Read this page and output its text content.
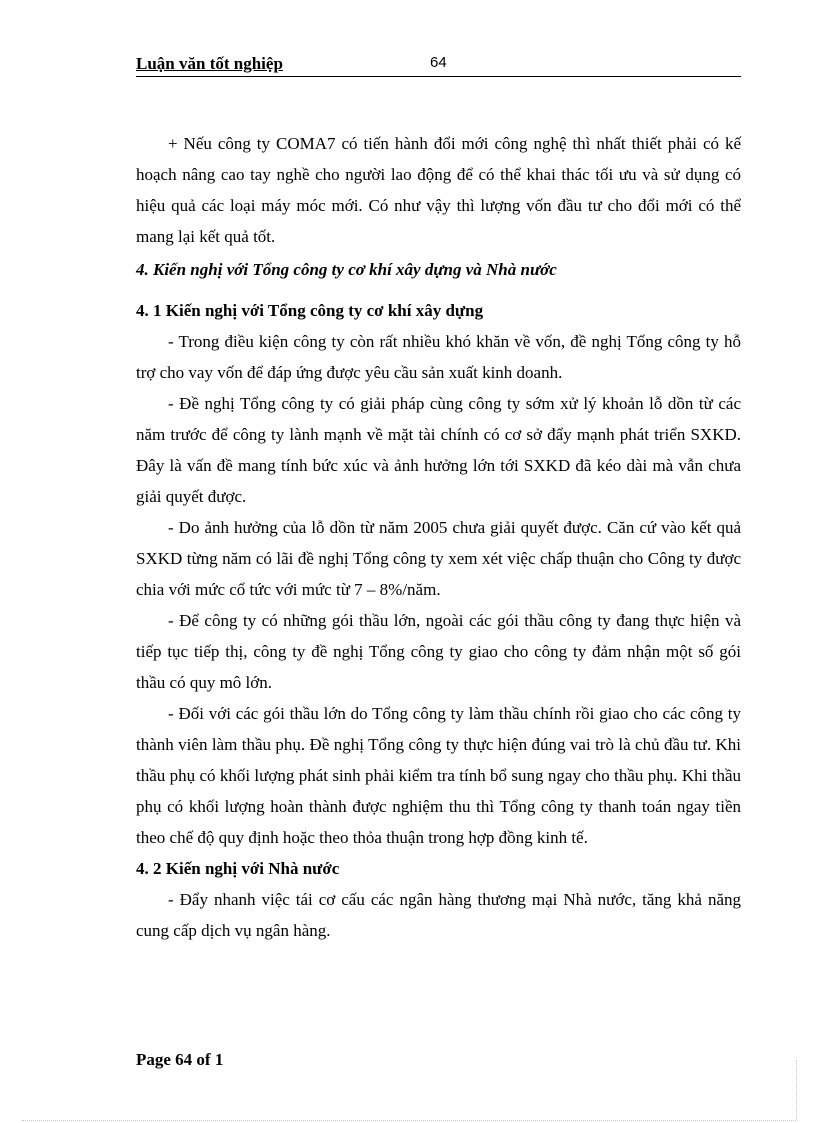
Luận văn tốt nghiệp	64

+ Nếu công ty COMA7 có tiến hành đổi mới công nghệ thì nhất thiết phải có kế hoạch nâng cao tay nghề cho người lao động để có thể khai thác tối ưu và sử dụng có hiệu quả các loại máy móc mới. Có như vậy thì lượng vốn đầu tư cho đổi mới có thể mang lại kết quả tốt.

4. Kiến nghị với Tổng công ty cơ khí xây dựng và Nhà nước
4. 1 Kiến nghị với Tổng công ty cơ khí xây dựng

- Trong điều kiện công ty còn rất nhiều khó khăn về vốn, đề nghị Tổng công ty hỗ trợ cho vay vốn để đáp ứng được yêu cầu sản xuất kinh doanh.

- Đề nghị Tổng công ty có giải pháp cùng công ty sớm xử lý khoản lỗ dồn từ các năm trước để công ty lành mạnh về mặt tài chính có cơ sở đẩy mạnh phát triển SXKD. Đây là vấn đề mang tính bức xúc và ảnh hưởng lớn tới SXKD đã kéo dài mà vẫn chưa giải quyết được.

- Do ảnh hưởng của lỗ dồn từ năm 2005 chưa giải quyết được. Căn cứ vào kết quả SXKD từng năm có lãi đề nghị Tổng công ty xem xét việc chấp thuận cho Công ty được chia với mức cổ tức với mức từ 7 – 8%/năm.

- Để công ty có những gói thầu lớn, ngoài các gói thầu công ty đang thực hiện và tiếp tục tiếp thị, công ty đề nghị Tổng công ty giao cho công ty đảm nhận một số gói thầu có quy mô lớn.

- Đối với các gói thầu lớn do Tổng công ty làm thầu chính rồi giao cho các công ty thành viên làm thầu phụ. Đề nghị Tổng công ty thực hiện đúng vai trò là chủ đầu tư. Khi thầu phụ có khối lượng phát sinh phải kiểm tra tính bổ sung ngay cho thầu phụ. Khi thầu phụ có khối lượng hoàn thành được nghiệm thu thì Tổng công ty thanh toán ngay tiền theo chế độ quy định hoặc theo thỏa thuận trong hợp đồng kinh tế.

4. 2 Kiến nghị với Nhà nước

- Đẩy nhanh việc tái cơ cấu các ngân hàng thương mại Nhà nước, tăng khả năng cung cấp dịch vụ ngân hàng.

Page 64 of 1
